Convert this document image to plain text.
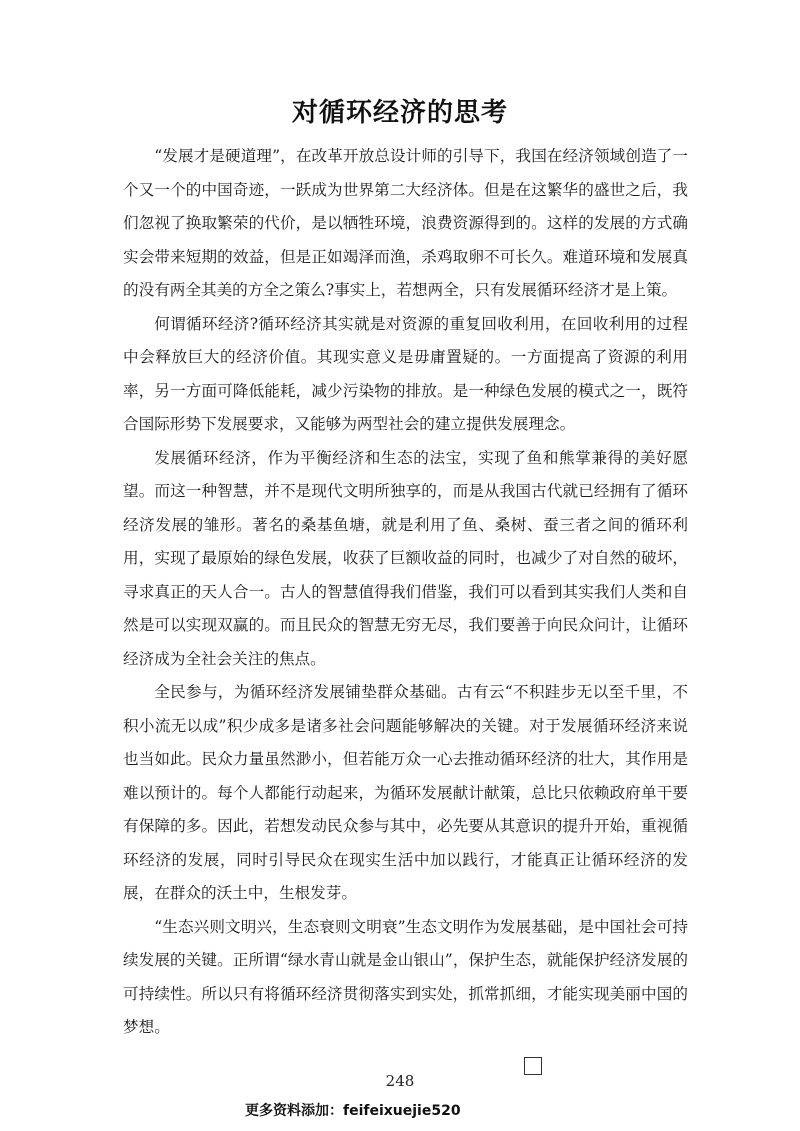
对循环经济的思考

“发展才是硬道理”，在改革开放总设计师的引导下，我国在经济领域创造了一个又一个的中国奇迹，一跃成为世界第二大经济体。但是在这繁华的盛世之后，我们忽视了换取繁荣的代价，是以牺牲环境，浪费资源得到的。这样的发展的方式确实会带来短期的效益，但是正如竭泽而渔，杀鸡取卵不可长久。难道环境和发展真的没有两全其美的方全之策么?事实上，若想两全，只有发展循环经济才是上策。

何谓循环经济?循环经济其实就是对资源的重复回收利用，在回收利用的过程中会释放巨大的经济价值。其现实意义是毋庸置疑的。一方面提高了资源的利用率，另一方面可降低能耗，减少污染物的排放。是一种绿色发展的模式之一，既符合国际形势下发展要求，又能够为两型社会的建立提供发展理念。

发展循环经济，作为平衡经济和生态的法宝，实现了鱼和熊掌兼得的美好愿望。而这一种智慧，并不是现代文明所独享的，而是从我国古代就已经拥有了循环经济发展的雏形。著名的桑基鱼塘，就是利用了鱼、桑树、蚕三者之间的循环利用，实现了最原始的绿色发展，收获了巨额收益的同时，也减少了对自然的破坏，寻求真正的天人合一。古人的智慧值得我们借鉴，我们可以看到其实我们人类和自然是可以实现双赢的。而且民众的智慧无穷无尽，我们要善于向民众问计，让循环经济成为全社会关注的焦点。

全民参与，为循环经济发展铺垫群众基础。古有云“不积跬步无以至千里，不积小流无以成”积少成多是诸多社会问题能够解决的关键。对于发展循环经济来说也当如此。民众力量虽然渺小，但若能万众一心去推动循环经济的壮大，其作用是难以预计的。每个人都能行动起来，为循环发展献计献策，总比只依赖政府单干要有保障的多。因此，若想发动民众参与其中，必先要从其意识的提升开始，重视循环经济的发展，同时引导民众在现实生活中加以践行，才能真正让循环经济的发展，在群众的沃土中，生根发芽。

“生态兴则文明兴，生态衰则文明衰”生态文明作为发展基础，是中国社会可持续发展的关键。正所谓“绿水青山就是金山银山”，保护生态，就能保护经济发展的可持续性。所以只有将循环经济贯彻落实到实处，抓常抓细，才能实现美丽中国的梦想。

248
更多资料添加：feifeixuejie520
